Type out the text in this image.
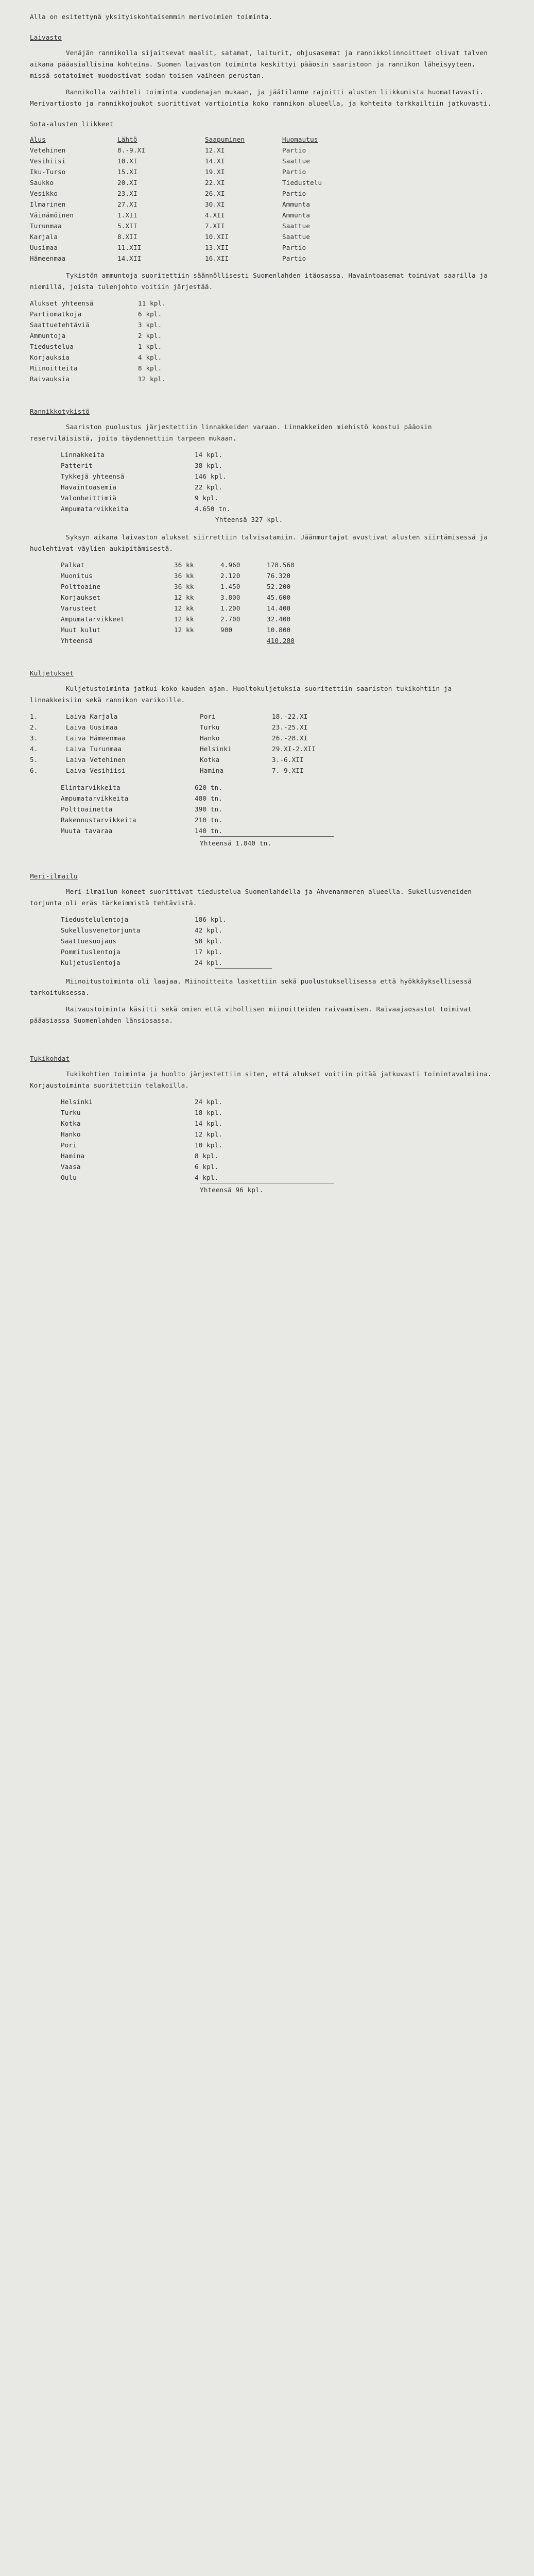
Alla on esitettynä yksityiskohtaisemmin merivoimien toiminta.
Laivasto
Venäjän rannikolla sijaitsevat maalit, satamat, laiturit, ohjusasemat ja rannikkolinnoitteet olivat talven aikana pääasiallisina kohteina. Suomen laivaston toiminta keskittyi pääosin saaristoon ja rannikon läheisyyteen, missä sotatoimet muodostivat sodan toisen vaiheen perustan.
Rannikolla vaihteli toiminta vuodenajan mukaan, ja jäätilanne rajoitti alusten liikkumista huomattavasti. Merivartiosto ja rannikkojoukot suorittivat vartiointia koko rannikon alueella, ja kohteita tarkkailtiin jatkuvasti.
Sota-alusten liikkeet
Alus	Lähtö	Saapuminen	Huomautus
Vetehinen	8.-9.XI	12.XI	Partio
Vesihiisi	10.XI	14.XI	Saattue
Iku-Turso	15.XI	19.XI	Partio
Saukko	20.XI	22.XI	Tiedustelu
Vesikko	23.XI	26.XI	Partio
Ilmarinen	27.XI	30.XI	Ammunta
Väinämöinen	1.XII	4.XII	Ammunta
Turunmaa	5.XII	7.XII	Saattue
Karjala	8.XII	10.XII	Saattue
Uusimaa	11.XII	13.XII	Partio
Hämeenmaa	14.XII	16.XII	Partio
Tykistön ammuntoja suoritettiin säännöllisesti Suomenlahden itäosassa. Havaintoasemat toimivat saarilla ja niemillä, joista tulenjohto voitiin järjestää.
Alukset yhteensä	11 kpl.
Partiomatkoja	6 kpl.
Saattuetehtäviä	3 kpl.
Ammuntoja	2 kpl.
Tiedustelua	1 kpl.
Korjauksia	4 kpl.
Miinoitteita	8 kpl.
Raivauksia	12 kpl.
Rannikkotykistö
Saariston puolustus järjestettiin linnakkeiden varaan. Linnakkeiden miehistö koostui pääosin reserviläisistä, joita täydennettiin tarpeen mukaan.
Linnakkeita	14 kpl.
Patterit	38 kpl.
Tykkejä yhteensä	146 kpl.
Havaintoasemia	22 kpl.
Valonheittimiä	9 kpl.
Ampumatarvikkeita	4.650 tn.
Yhteensä 327 kpl.
Syksyn aikana laivaston alukset siirrettiin talvisatamiin. Jäänmurtajat avustivat alusten siirtämisessä ja huolehtivat väylien aukipitämisestä.
Palkat	36 kk	4.960	178.560
Muonitus	36 kk	2.120	76.320
Polttoaine	36 kk	1.450	52.200
Korjaukset	12 kk	3.800	45.600
Varusteet	12 kk	1.200	14.400
Ampumatarvikkeet	12 kk	2.700	32.400
Muut kulut	12 kk	900	10.800
Yhteensä	410.280
Kuljetukset
Kuljetustoiminta jatkui koko kauden ajan. Huoltokuljetuksia suoritettiin saariston tukikohtiin ja linnakkeisiin sekä rannikon varikoille.
1.	Laiva Karjala	Pori	18.-22.XI
2.	Laiva Uusimaa	Turku	23.-25.XI
3.	Laiva Hämeenmaa	Hanko	26.-28.XI
4.	Laiva Turunmaa	Helsinki	29.XI-2.XII
5.	Laiva Vetehinen	Kotka	3.-6.XII
6.	Laiva Vesihiisi	Hamina	7.-9.XII
Elintarvikkeita	620 tn.
Ampumatarvikkeita	480 tn.
Polttoainetta	390 tn.
Rakennustarvikkeita	210 tn.
Muuta tavaraa	140 tn.
Yhteensä 1.840 tn.
Meri-ilmailu
Meri-ilmailun koneet suorittivat tiedustelua Suomenlahdella ja Ahvenanmeren alueella. Sukellusveneiden torjunta oli eräs tärkeimmistä tehtävistä.
Tiedustelulentoja	186 kpl.
Sukellusvenetorjunta	42 kpl.
Saattuesuojaus	58 kpl.
Pommituslentoja	17 kpl.
Kuljetuslentoja	24 kpl.
Miinoitustoiminta oli laajaa. Miinoitteita laskettiin sekä puolustuksellisessa että hyökkäyksellisessä tarkoituksessa.
Raivaustoiminta käsitti sekä omien että vihollisen miinoitteiden raivaamisen. Raivaajaosastot toimivat pääasiassa Suomenlahden länsiosassa.
Tukikohdat
Tukikohtien toiminta ja huolto järjestettiin siten, että alukset voitiin pitää jatkuvasti toimintavalmiina. Korjaustoiminta suoritettiin telakoilla.
Helsinki	24 kpl.
Turku	18 kpl.
Kotka	14 kpl.
Hanko	12 kpl.
Pori	10 kpl.
Hamina	8 kpl.
Vaasa	6 kpl.
Oulu	4 kpl.
Yhteensä 96 kpl.
